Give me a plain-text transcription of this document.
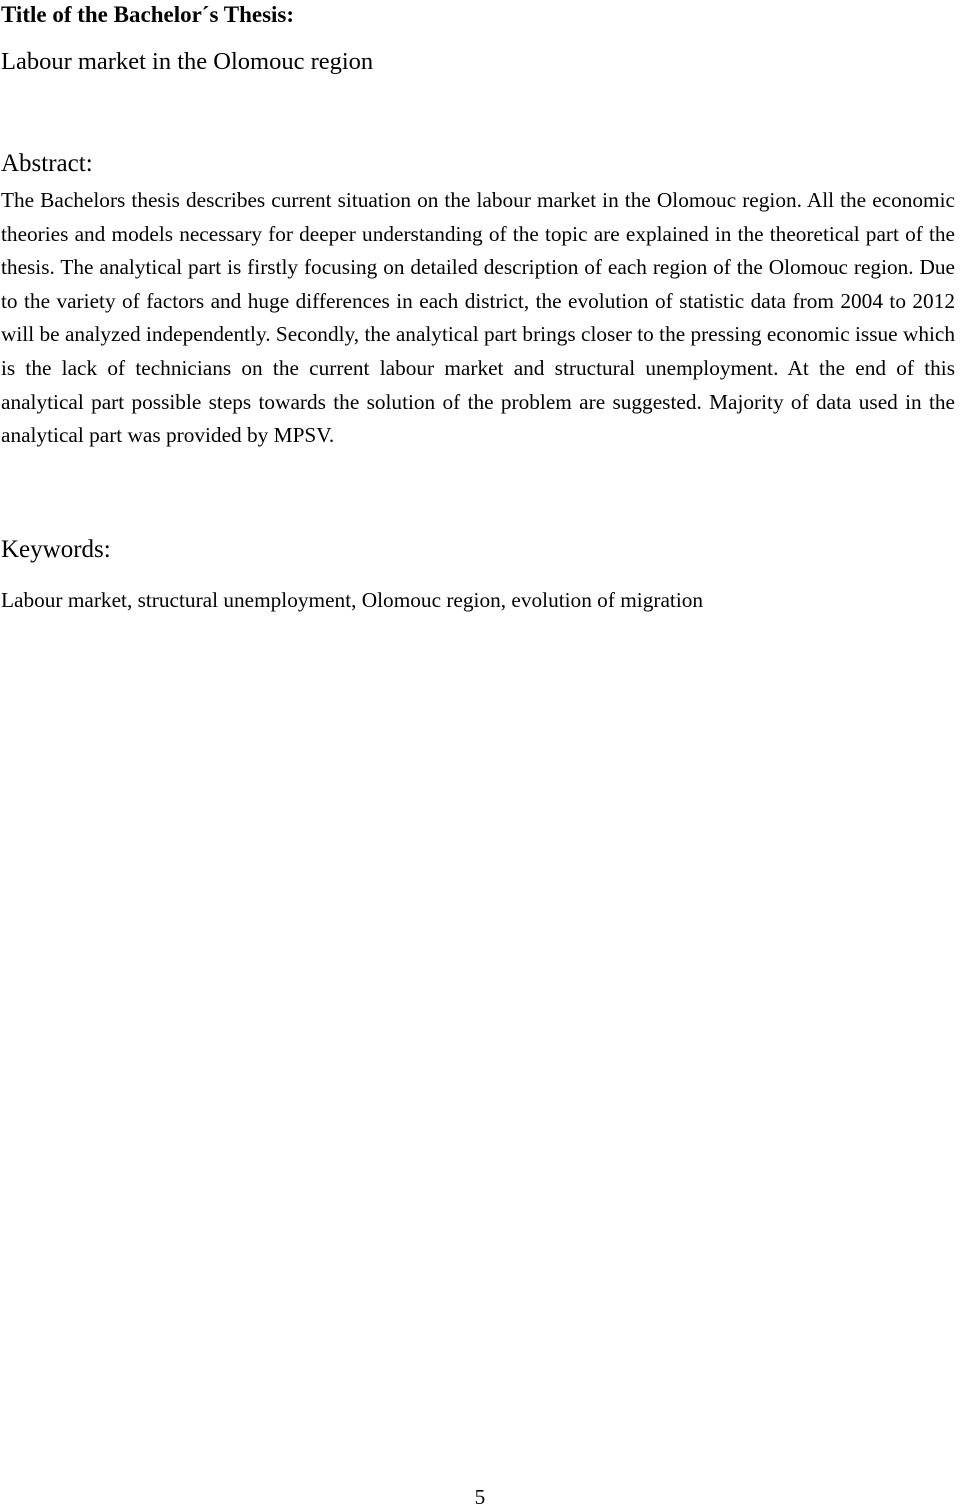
Title of the Bachelor´s Thesis:
Labour market in the Olomouc region
Abstract:
The Bachelors thesis describes current situation on the labour market in the Olomouc region. All the economic theories and models necessary for deeper understanding of the topic are explained in the theoretical part of the thesis. The analytical part is firstly focusing on detailed description of each region of the Olomouc region. Due to the variety of factors and huge differences in each district, the evolution of statistic data from 2004 to 2012 will be analyzed independently. Secondly, the analytical part brings closer to the pressing economic issue which is the lack of technicians on the current labour market and structural unemployment. At the end of this analytical part possible steps towards the solution of the problem are suggested. Majority of data used in the analytical part was provided by MPSV.
Keywords:
Labour market, structural unemployment, Olomouc region, evolution of migration
5
